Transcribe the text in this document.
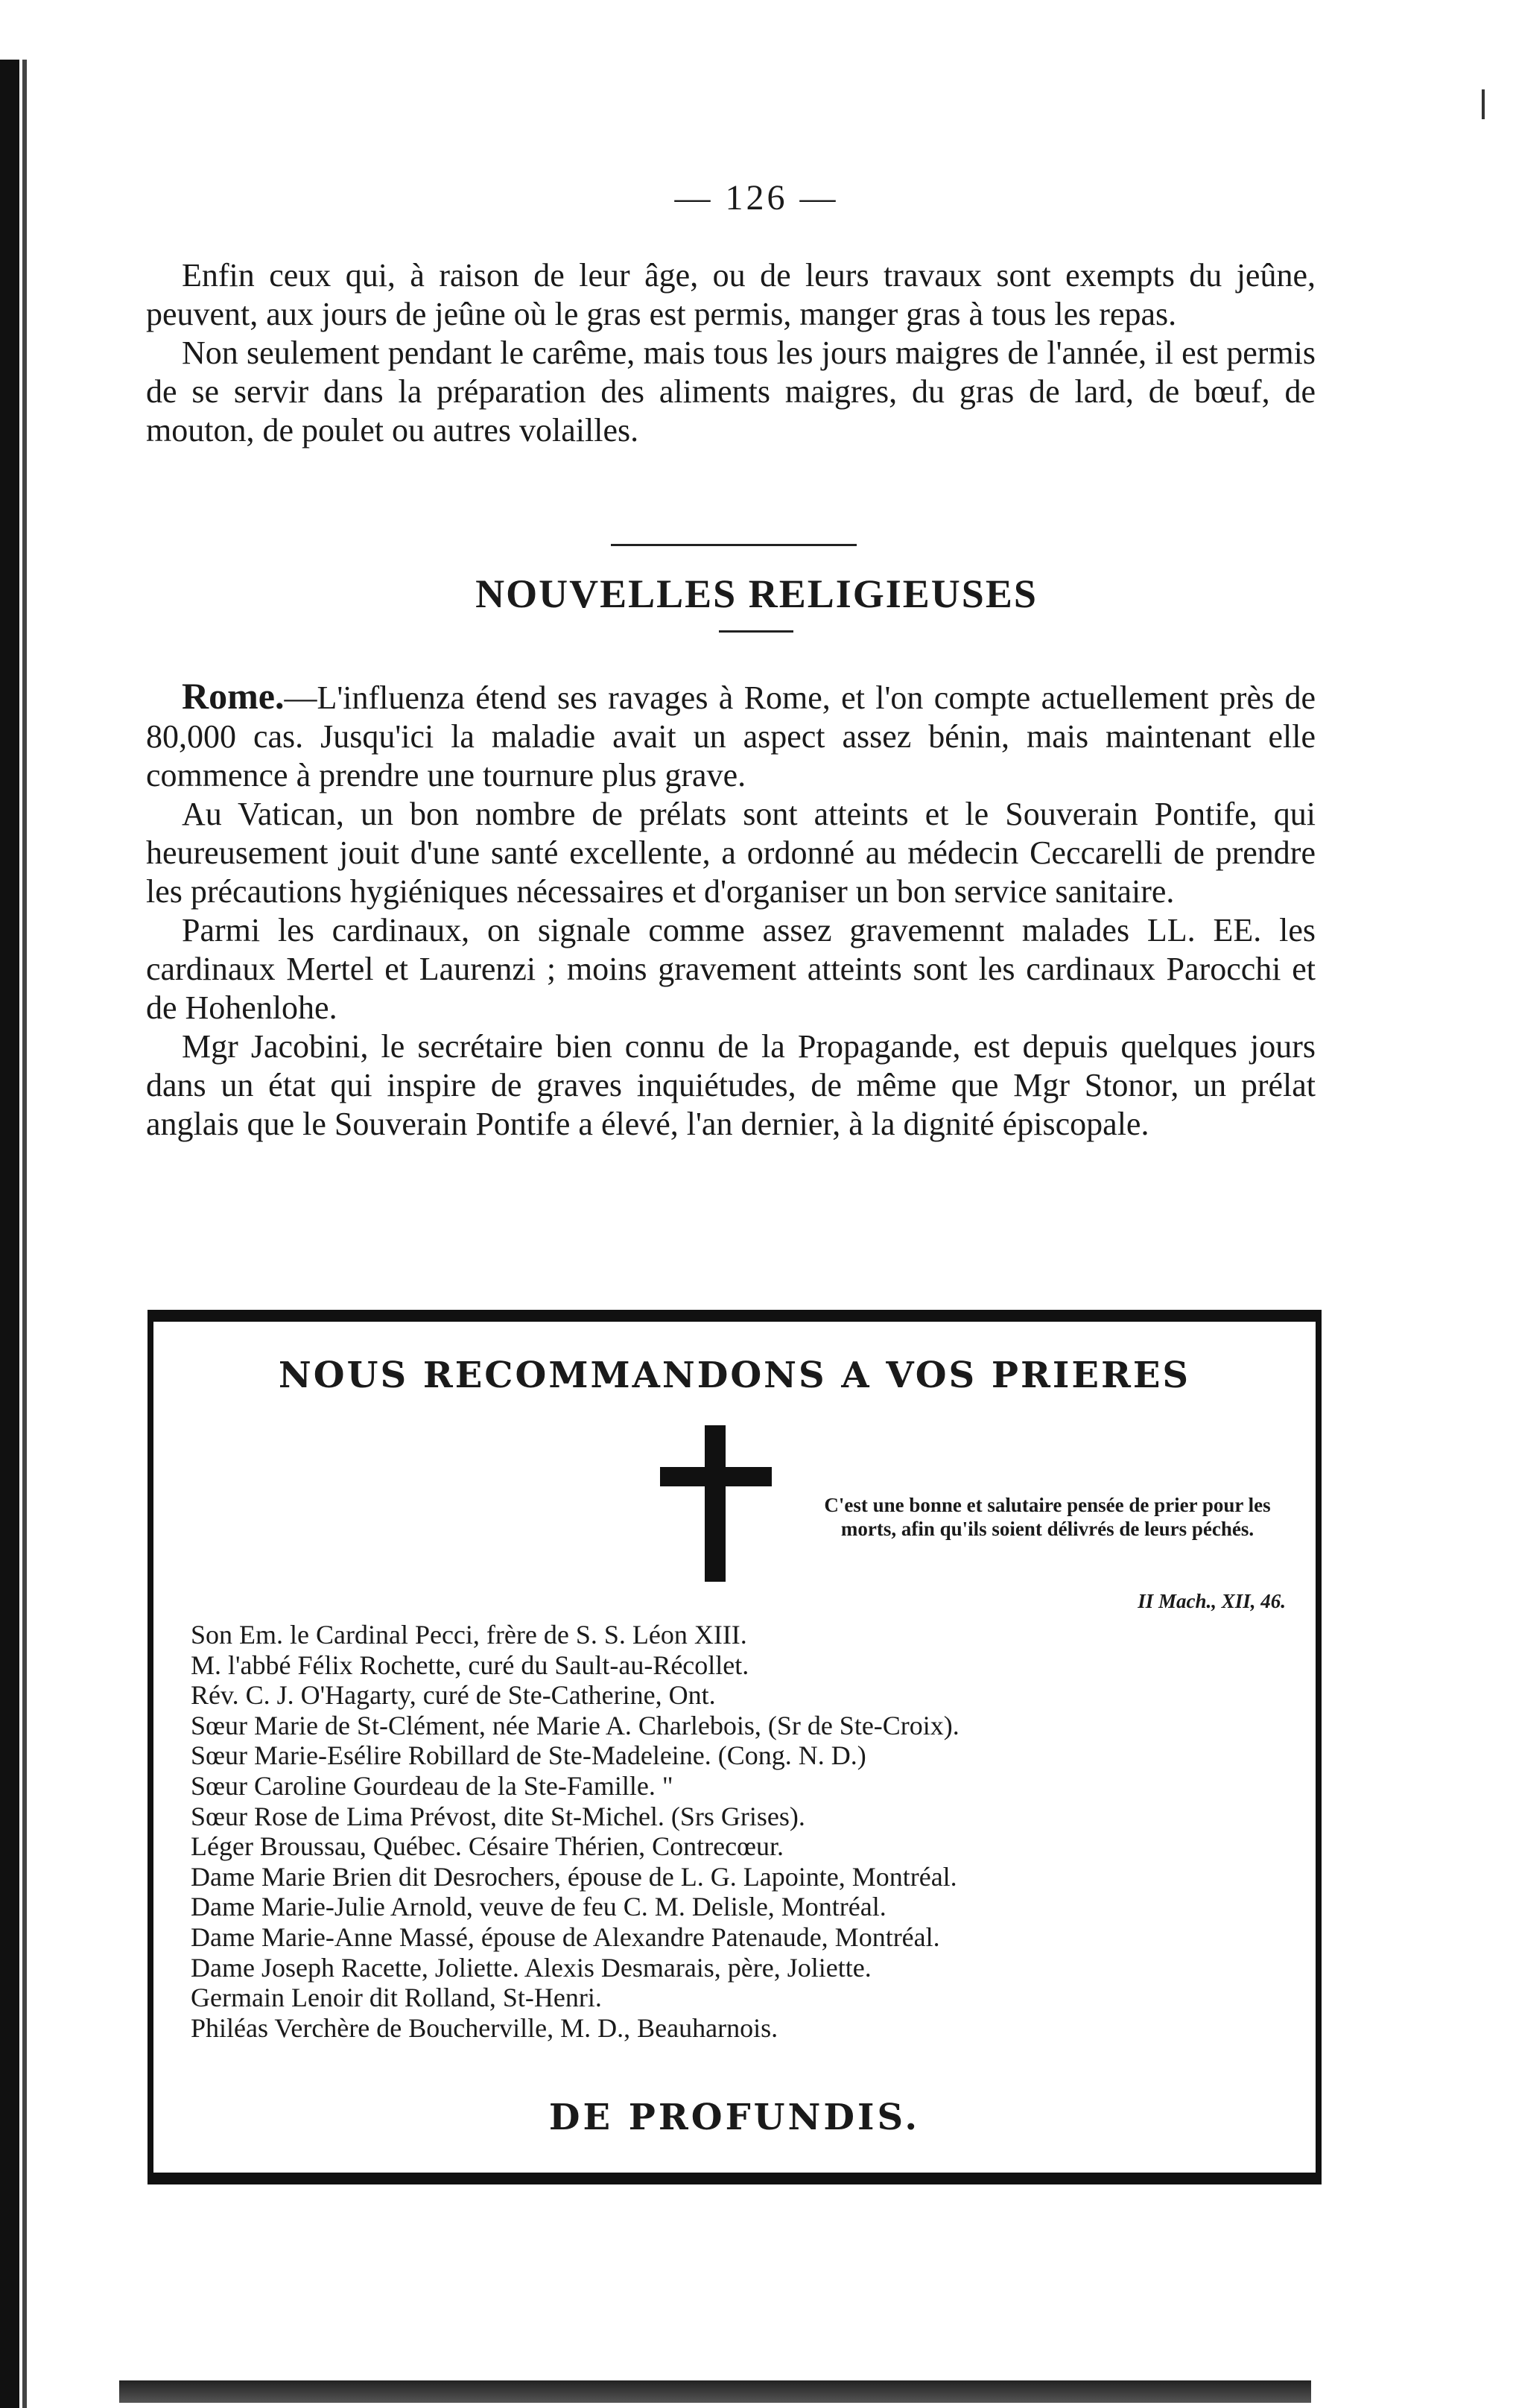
— 126 —

Enfin ceux qui, à raison de leur âge, ou de leurs travaux sont exempts du jeûne, peuvent, aux jours de jeûne où le gras est permis, manger gras à tous les repas.

Non seulement pendant le carême, mais tous les jours maigres de l'année, il est permis de se servir dans la préparation des aliments maigres, du gras de lard, de bœuf, de mouton, de poulet ou autres volailles.

NOUVELLES RELIGIEUSES

Rome.—L'influenza étend ses ravages à Rome, et l'on compte actuellement près de 80,000 cas. Jusqu'ici la maladie avait un aspect assez bénin, mais maintenant elle commence à prendre une tournure plus grave.

Au Vatican, un bon nombre de prélats sont atteints et le Souverain Pontife, qui heureusement jouit d'une santé excellente, a ordonné au médecin Ceccarelli de prendre les précautions hygiéniques nécessaires et d'organiser un bon service sanitaire.

Parmi les cardinaux, on signale comme assez gravemennt malades LL. EE. les cardinaux Mertel et Laurenzi ; moins gravement atteints sont les cardinaux Parocchi et de Hohenlohe.

Mgr Jacobini, le secrétaire bien connu de la Propagande, est depuis quelques jours dans un état qui inspire de graves inquiétudes, de même que Mgr Stonor, un prélat anglais que le Souverain Pontife a élevé, l'an dernier, à la dignité épiscopale.

NOUS RECOMMANDONS A VOS PRIERES
C'est une bonne et salutaire pensée de prier pour les morts, afin qu'ils soient délivrés de leurs péchés.
II Mach., XII, 46.
Son Em. le Cardinal Pecci, frère de S. S. Léon XIII.
M. l'abbé Félix Rochette, curé du Sault-au-Récollet.
Rév. C. J. O'Hagarty, curé de Ste-Catherine, Ont.
Sœur Marie de St-Clément, née Marie A. Charlebois, (Sr de Ste-Croix).
Sœur Marie-Esélire Robillard de Ste-Madeleine. (Cong. N. D.)
Sœur Caroline Gourdeau de la Ste-Famille. "
Sœur Rose de Lima Prévost, dite St-Michel. (Srs Grises).
Léger Broussau, Québec. Césaire Thérien, Contrecœur.
Dame Marie Brien dit Desrochers, épouse de L. G. Lapointe, Montréal.
Dame Marie-Julie Arnold, veuve de feu C. M. Delisle, Montréal.
Dame Marie-Anne Massé, épouse de Alexandre Patenaude, Montréal.
Dame Joseph Racette, Joliette. Alexis Desmarais, père, Joliette.
Germain Lenoir dit Rolland, St-Henri.
Philéas Verchère de Boucherville, M. D., Beauharnois.
DE PROFUNDIS.
